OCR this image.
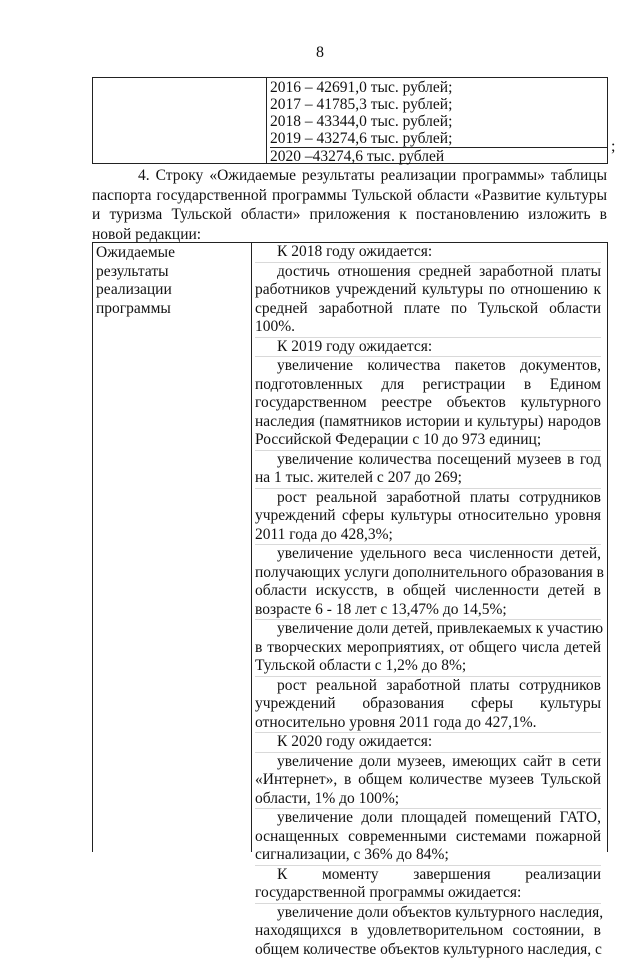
8
2016 – 42691,0 тыс. рублей;
2017 – 41785,3 тыс. рублей;
2018 – 43344,0 тыс. рублей;
2019 – 43274,6 тыс. рублей;
2020 –43274,6 тыс. рублей
;
4. Строку «Ожидаемые результаты реализации программы» таблицы
паспорта государственной программы Тульской области «Развитие культуры
и туризма Тульской области» приложения к постановлению изложить в
новой редакции:
Ожидаемые
результаты
реализации
программы
К 2018 году ожидается:
достичь отношения средней заработной платы
работников учреждений культуры по отношению к
средней заработной плате по Тульской области
100%.
К 2019 году ожидается:
увеличение количества пакетов документов,
подготовленных для регистрации в Едином
государственном реестре объектов культурного
наследия (памятников истории и культуры) народов
Российской Федерации с 10 до 973 единиц;
увеличение количества посещений музеев в год
на 1 тыс. жителей с 207 до 269;
рост реальной заработной платы сотрудников
учреждений сферы культуры относительно уровня
2011 года до 428,3%;
увеличение удельного веса численности детей,
получающих услуги дополнительного образования в
области искусств, в общей численности детей в
возрасте 6 - 18 лет с 13,47% до 14,5%;
увеличение доли детей, привлекаемых к участию
в творческих мероприятиях, от общего числа детей
Тульской области с 1,2% до 8%;
рост реальной заработной платы сотрудников
учреждений образования сферы культуры
относительно уровня 2011 года до 427,1%.
К 2020 году ожидается:
увеличение доли музеев, имеющих сайт в сети
«Интернет», в общем количестве музеев Тульской
области, 1% до 100%;
увеличение доли площадей помещений ГАТО,
оснащенных современными системами пожарной
сигнализации, с 36% до 84%;
К моменту завершения реализации
государственной программы ожидается:
увеличение доли объектов культурного наследия,
находящихся в удовлетворительном состоянии, в
общем количестве объектов культурного наследия, с
